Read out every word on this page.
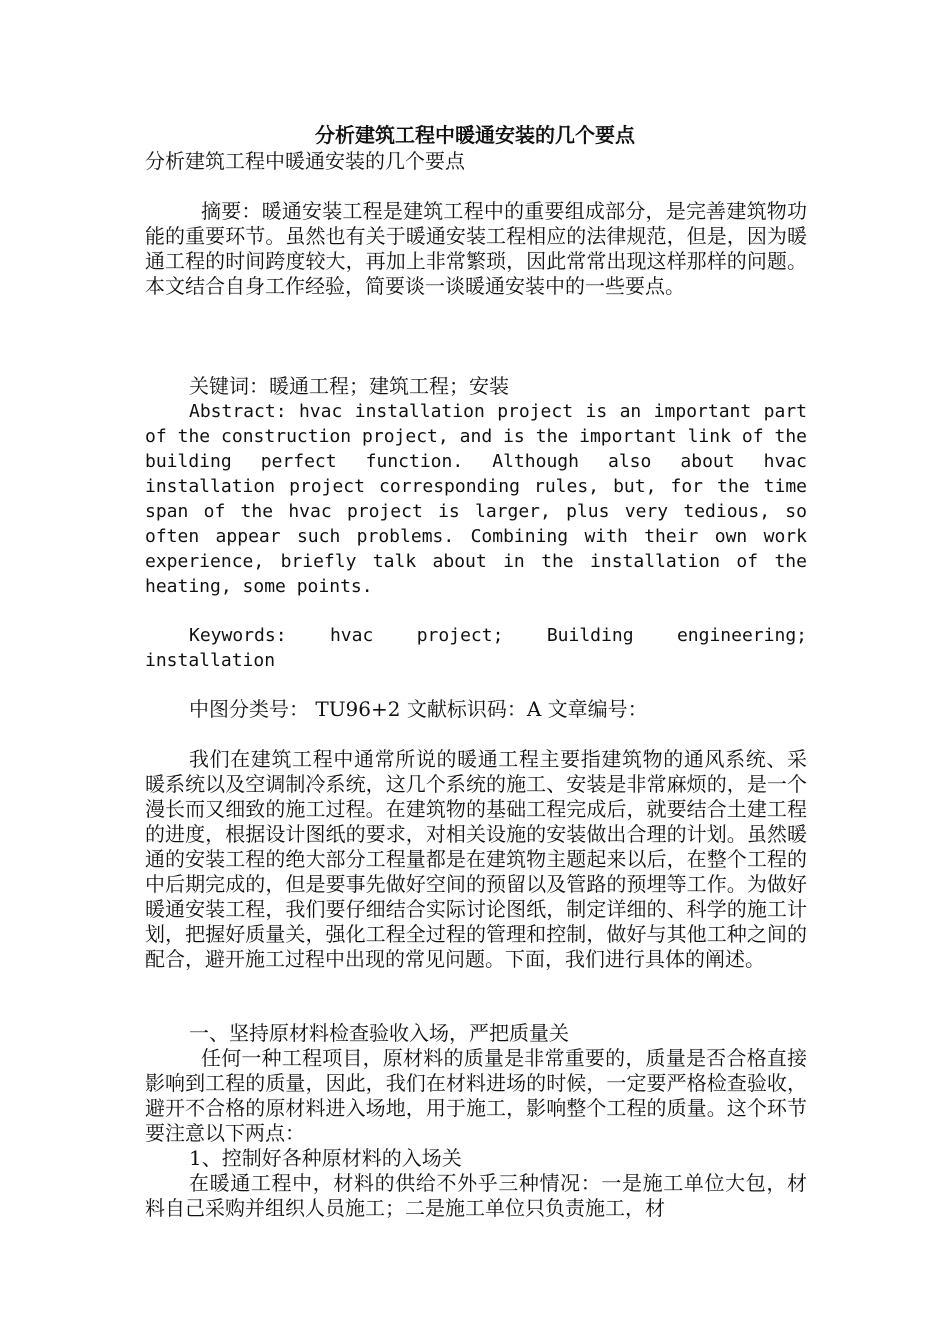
分析建筑工程中暖通安装的几个要点

分析建筑工程中暖通安装的几个要点

摘要：暖通安装工程是建筑工程中的重要组成部分，是完善建筑物功能的重要环节。虽然也有关于暖通安装工程相应的法律规范，但是，因为暖通工程的时间跨度较大，再加上非常繁琐，因此常常出现这样那样的问题。本文结合自身工作经验，简要谈一谈暖通安装中的一些要点。

关键词：暖通工程；建筑工程；安装

Abstract: hvac installation project is an important part of the construction project, and is the important link of the building perfect function. Although also about hvac installation project corresponding rules, but, for the time span of the hvac project is larger, plus very tedious, so often appear such problems. Combining with their own work experience, briefly talk about in the installation of the heating, some points.

Keywords: hvac project; Building engineering; installation

中图分类号： TU96+2 文献标识码：A 文章编号：

我们在建筑工程中通常所说的暖通工程主要指建筑物的通风系统、采暖系统以及空调制冷系统，这几个系统的施工、安装是非常麻烦的，是一个漫长而又细致的施工过程。在建筑物的基础工程完成后，就要结合土建工程的进度，根据设计图纸的要求，对相关设施的安装做出合理的计划。虽然暖通的安装工程的绝大部分工程量都是在建筑物主题起来以后，在整个工程的中后期完成的，但是要事先做好空间的预留以及管路的预埋等工作。为做好暖通安装工程，我们要仔细结合实际讨论图纸，制定详细的、科学的施工计划，把握好质量关，强化工程全过程的管理和控制，做好与其他工种之间的配合，避开施工过程中出现的常见问题。下面，我们进行具体的阐述。

一、坚持原材料检查验收入场，严把质量关

任何一种工程项目，原材料的质量是非常重要的，质量是否合格直接影响到工程的质量，因此，我们在材料进场的时候，一定要严格检查验收，避开不合格的原材料进入场地，用于施工，影响整个工程的质量。这个环节要注意以下两点：

1、控制好各种原材料的入场关

在暖通工程中，材料的供给不外乎三种情况：一是施工单位大包，材料自己采购并组织人员施工；二是施工单位只负责施工，材
